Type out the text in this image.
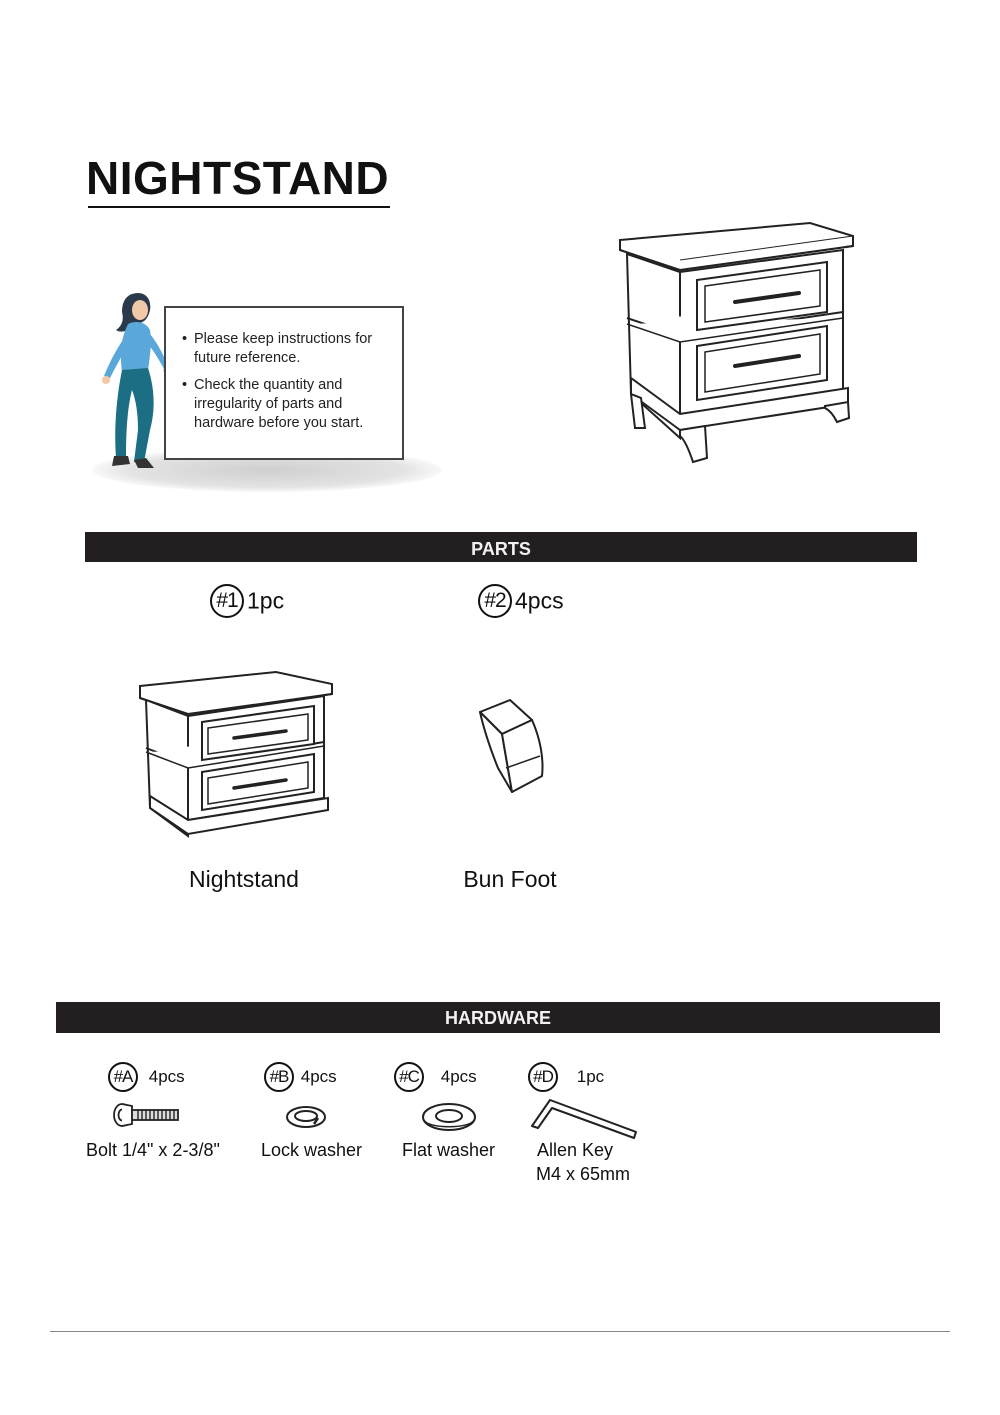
NIGHTSTAND
• Please keep instructions for future reference.
• Check the quantity and irregularity of parts and hardware before you start.
PARTS
#1 1pc	#2 4pcs
Nightstand	Bun Foot
HARDWARE
#A 4pcs	#B 4pcs	#C 4pcs	#D 1pc
Bolt 1/4" x 2-3/8" Lock washer Flat washer Allen Key
M4 x 65mm
